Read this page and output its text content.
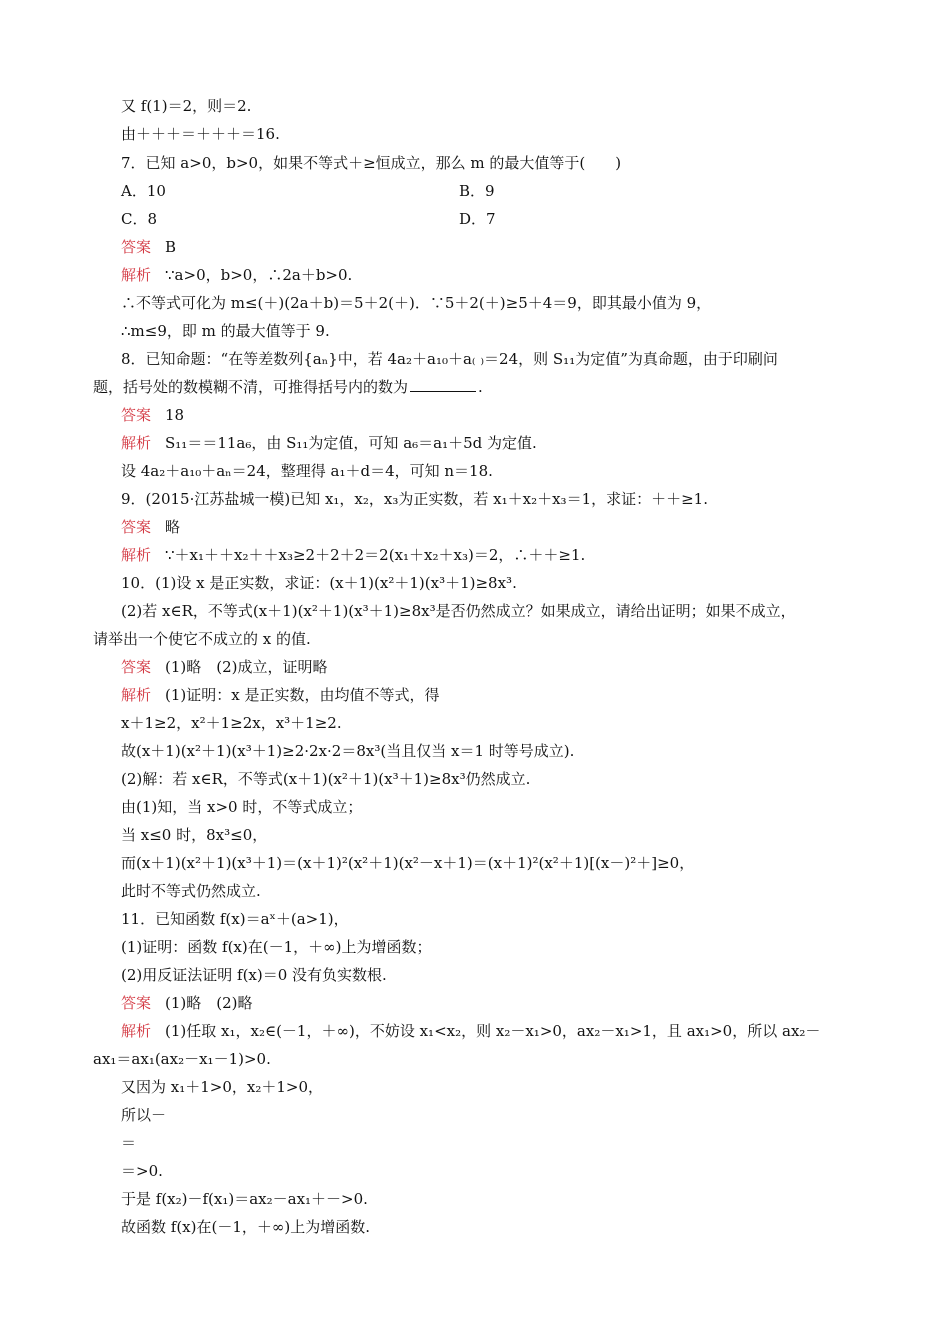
又 f(1)＝2，则＝2.
由＋＋＋＝＋＋＋＝16.
7．已知 a>0，b>0，如果不等式＋≥恒成立，那么 m 的最大值等于(　　)
A．10	B．9
C．8	D．7
答案 B
解析 ∵a>0，b>0，∴2a＋b>0.
∴不等式可化为 m≤(＋)(2a＋b)＝5＋2(＋)．∵5＋2(＋)≥5＋4＝9，即其最小值为 9，
∴m≤9，即 m 的最大值等于 9.
8．已知命题：“在等差数列{aₙ}中，若 4a₂＋a₁₀＋a₍ ₎＝24，则 S₁₁为定值”为真命题，由于印刷问
题，括号处的数模糊不清，可推得括号内的数为	.
答案 18
解析 S₁₁＝＝11a₆，由 S₁₁为定值，可知 a₆＝a₁＋5d 为定值.
设 4a₂＋a₁₀＋aₙ＝24，整理得 a₁＋d＝4，可知 n＝18.
9．(2015·江苏盐城一模)已知 x₁，x₂，x₃为正实数，若 x₁＋x₂＋x₃＝1，求证：＋＋≥1.
答案 略
解析 ∵＋x₁＋＋x₂＋＋x₃≥2＋2＋2＝2(x₁＋x₂＋x₃)＝2，∴＋＋≥1.
10．(1)设 x 是正实数，求证：(x＋1)(x²＋1)(x³＋1)≥8x³.
(2)若 x∈R，不等式(x＋1)(x²＋1)(x³＋1)≥8x³是否仍然成立？如果成立，请给出证明；如果不成立，
请举出一个使它不成立的 x 的值.
答案 (1)略　(2)成立，证明略
解析 (1)证明：x 是正实数，由均值不等式，得
x＋1≥2，x²＋1≥2x，x³＋1≥2.
故(x＋1)(x²＋1)(x³＋1)≥2·2x·2＝8x³(当且仅当 x＝1 时等号成立).
(2)解：若 x∈R，不等式(x＋1)(x²＋1)(x³＋1)≥8x³仍然成立.
由(1)知，当 x>0 时，不等式成立；
当 x≤0 时，8x³≤0，
而(x＋1)(x²＋1)(x³＋1)＝(x＋1)²(x²＋1)(x²－x＋1)＝(x＋1)²(x²＋1)[(x－)²＋]≥0，
此时不等式仍然成立.
11．已知函数 f(x)＝aˣ＋(a>1)，
(1)证明：函数 f(x)在(－1，＋∞)上为增函数；
(2)用反证法证明 f(x)＝0 没有负实数根.
答案 (1)略　(2)略
解析 (1)任取 x₁，x₂∈(－1，＋∞)，不妨设 x₁<x₂，则 x₂－x₁>0，ax₂－x₁>1，且 ax₁>0，所以 ax₂－
ax₁＝ax₁(ax₂－x₁－1)>0.
又因为 x₁＋1>0，x₂＋1>0，
所以－
＝
＝>0.
于是 f(x₂)－f(x₁)＝ax₂－ax₁＋－>0.
故函数 f(x)在(－1，＋∞)上为增函数.
